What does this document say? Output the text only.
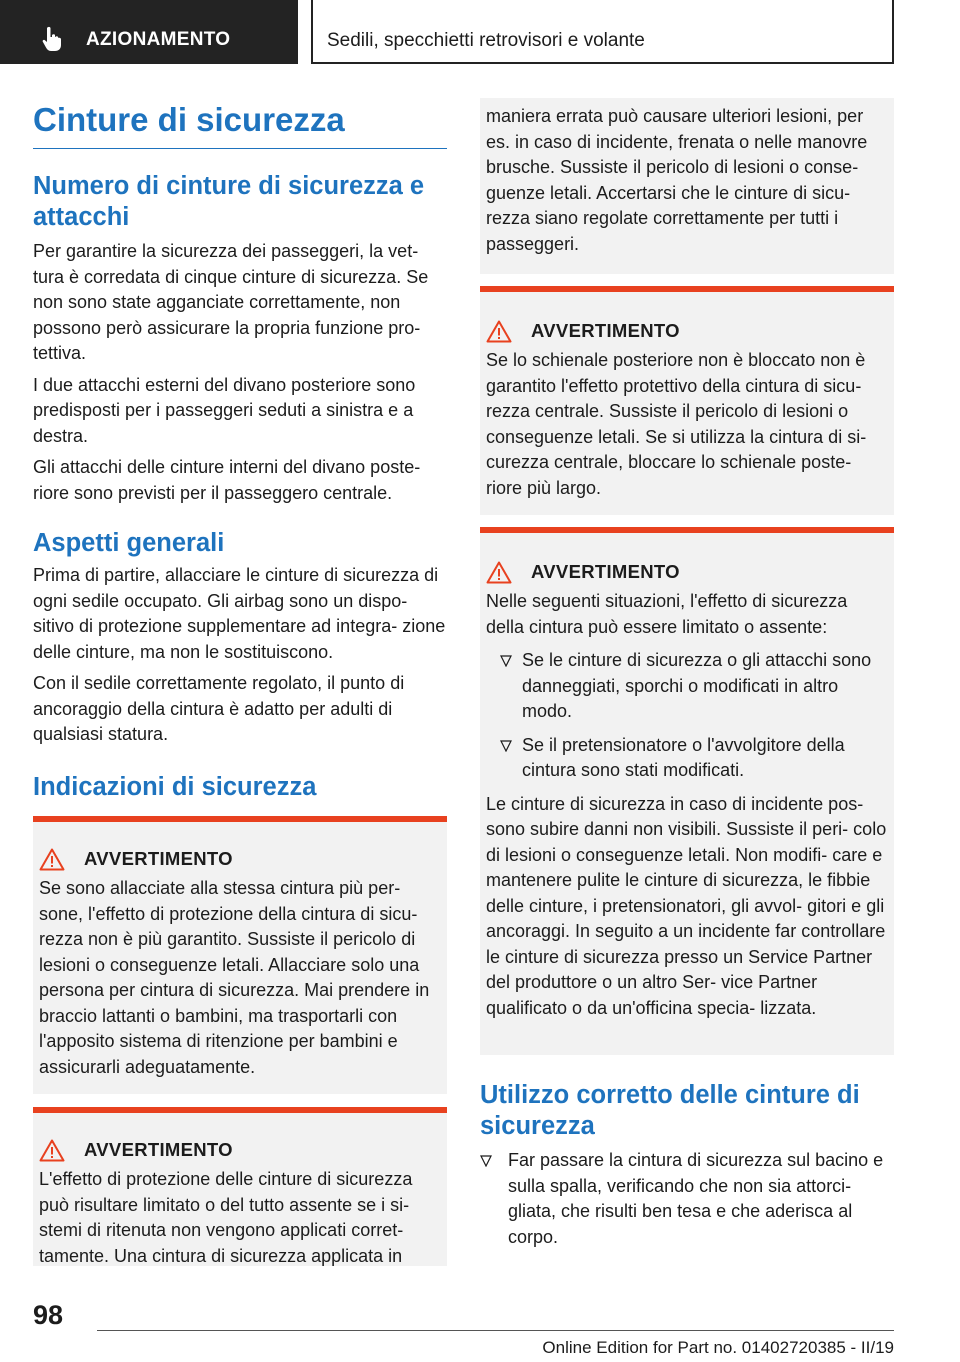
AZIONAMENTO	Sedili, specchietti retrovisori e volante
Cinture di sicurezza
Numero di cinture di sicurezza e attacchi

Per garantire la sicurezza dei passeggeri, la vet- tura è corredata di cinque cinture di sicurezza. Se non sono state agganciate correttamente, non possono però assicurare la propria funzione pro- tettiva.

I due attacchi esterni del divano posteriore sono predisposti per i passeggeri seduti a sinistra e a destra.

Gli attacchi delle cinture interni del divano poste- riore sono previsti per il passeggero centrale.

Aspetti generali

Prima di partire, allacciare le cinture di sicurezza di ogni sedile occupato. Gli airbag sono un dispo- sitivo di protezione supplementare ad integra- zione delle cinture, ma non le sostituiscono.

Con il sedile correttamente regolato, il punto di ancoraggio della cintura è adatto per adulti di qualsiasi statura.

Indicazioni di sicurezza
AVVERTIMENTO
Se sono allacciate alla stessa cintura più per- sone, l'effetto di protezione della cintura di sicu- rezza non è più garantito. Sussiste il pericolo di lesioni o conseguenze letali. Allacciare solo una persona per cintura di sicurezza. Mai prendere in braccio lattanti o bambini, ma trasportarli con l'apposito sistema di ritenzione per bambini e assicurarli adeguatamente.
AVVERTIMENTO
L'effetto di protezione delle cinture di sicurezza può risultare limitato o del tutto assente se i si- stemi di ritenuta non vengono applicati corret- tamente. Una cintura di sicurezza applicata in
maniera errata può causare ulteriori lesioni, per es. in caso di incidente, frenata o nelle manovre brusche. Sussiste il pericolo di lesioni o conse- guenze letali. Accertarsi che le cinture di sicu- rezza siano regolate correttamente per tutti i passeggeri.
AVVERTIMENTO
Se lo schienale posteriore non è bloccato non è garantito l'effetto protettivo della cintura di sicu- rezza centrale. Sussiste il pericolo di lesioni o conseguenze letali. Se si utilizza la cintura di si- curezza centrale, bloccare lo schienale poste- riore più largo.
AVVERTIMENTO

Nelle seguenti situazioni, l'effetto di sicurezza della cintura può essere limitato o assente:

Se le cinture di sicurezza o gli attacchi sono danneggiati, sporchi o modificati in altro modo.
Se il pretensionatore o l'avvolgitore della cintura sono stati modificati.

Le cinture di sicurezza in caso di incidente pos- sono subire danni non visibili. Sussiste il peri- colo di lesioni o conseguenze letali. Non modifi- care e mantenere pulite le cinture di sicurezza, le fibbie delle cinture, i pretensionatori, gli avvol- gitori e gli ancoraggi. In seguito a un incidente far controllare le cinture di sicurezza presso un Service Partner del produttore o un altro Ser- vice Partner qualificato o da un'officina specia- lizzata.

Utilizzo corretto delle cinture di sicurezza
Far passare la cintura di sicurezza sul bacino e sulla spalla, verificando che non sia attorci- gliata, che risulti ben tesa e che aderisca al corpo.
98
Online Edition for Part no. 01402720385 - II/19
